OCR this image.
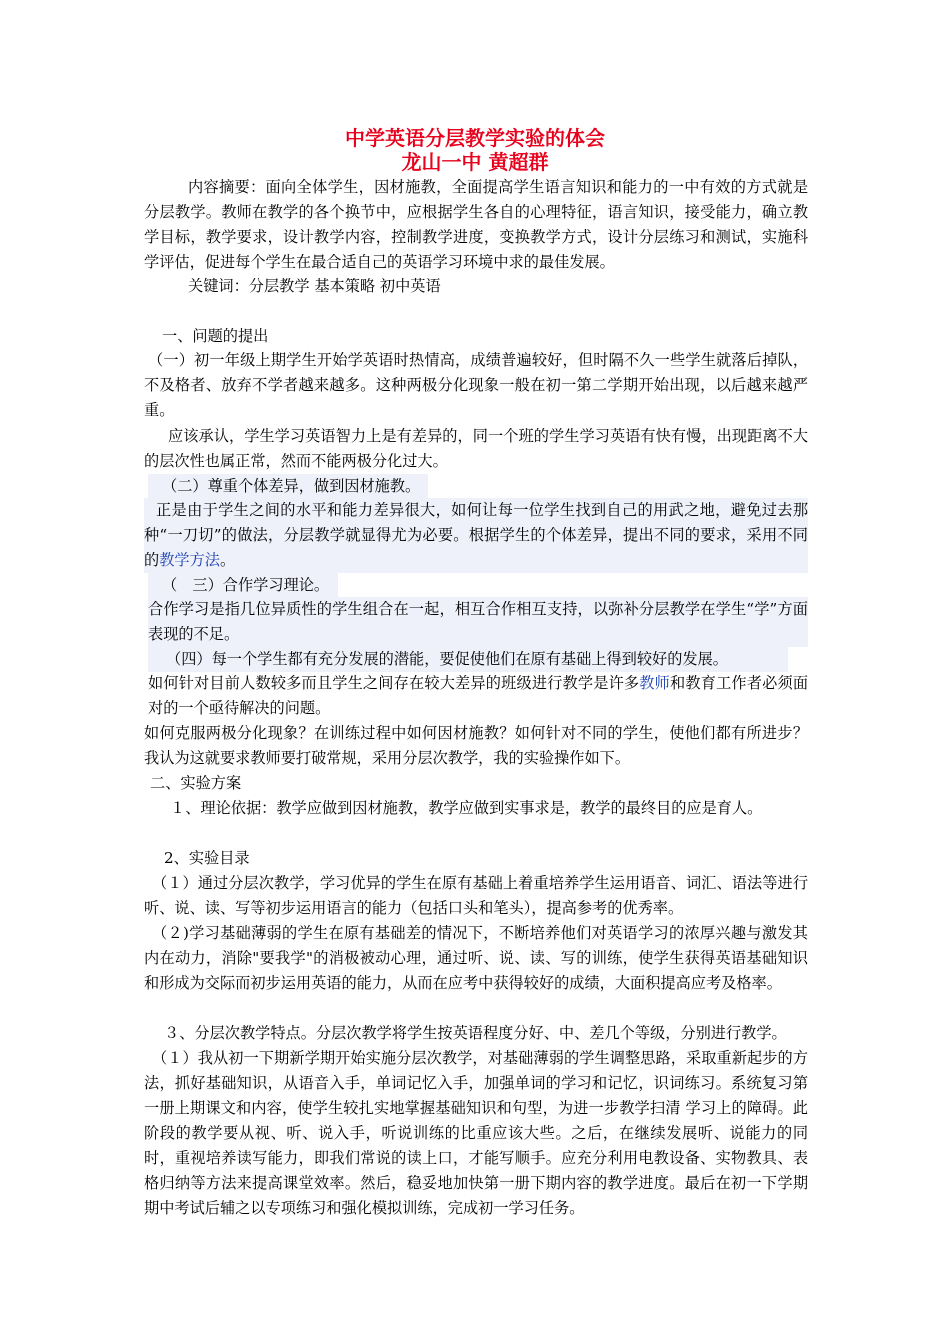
中学英语分层教学实验的体会
龙山一中 黄超群

内容摘要：面向全体学生，因材施教，全面提高学生语言知识和能力的一中有效的方式就是分层教学。教师在教学的各个换节中，应根据学生各自的心理特征，语言知识，接受能力，确立教学目标，教学要求，设计教学内容，控制教学进度，变换教学方式，设计分层练习和测试，实施科学评估，促进每个学生在最合适自己的英语学习环境中求的最佳发展。

关键词：分层教学 基本策略 初中英语

一、问题的提出

（一）初一年级上期学生开始学英语时热情高，成绩普遍较好，但时隔不久一些学生就落后掉队，不及格者、放弃不学者越来越多。这种两极分化现象一般在初一第二学期开始出现，以后越来越严重。

应该承认，学生学习英语智力上是有差异的，同一个班的学生学习英语有快有慢，出现距离不大的层次性也属正常，然而不能两极分化过大。

（二）尊重个体差异，做到因材施教。

正是由于学生之间的水平和能力差异很大，如何让每一位学生找到自己的用武之地，避免过去那种“一刀切”的做法，分层教学就显得尤为必要。根据学生的个体差异，提出不同的要求，采用不同的教学方法。

（　三）合作学习理论。

合作学习是指几位异质性的学生组合在一起，相互合作相互支持，以弥补分层教学在学生“学”方面表现的不足。

（四）每一个学生都有充分发展的潜能，要促使他们在原有基础上得到较好的发展。

如何针对目前人数较多而且学生之间存在较大差异的班级进行教学是许多教师和教育工作者必须面对的一个亟待解决的问题。

如何克服两极分化现象？在训练过程中如何因材施教？如何针对不同的学生，使他们都有所进步？我认为这就要求教师要打破常规，采用分层次教学，我的实验操作如下。

二、实验方案

１、理论依据：教学应做到因材施教，教学应做到实事求是，教学的最终目的应是育人。

2、实验目录

（１）通过分层次教学，学习优异的学生在原有基础上着重培养学生运用语音、词汇、语法等进行听、说、读、写等初步运用语言的能力（包括口头和笔头），提高参考的优秀率。

（２)学习基础薄弱的学生在原有基础差的情况下，不断培养他们对英语学习的浓厚兴趣与激发其内在动力，消除"要我学"的消极被动心理，通过听、说、读、写的训练，使学生获得英语基础知识和形成为交际而初步运用英语的能力，从而在应考中获得较好的成绩，大面积提高应考及格率。

３、分层次教学特点。分层次教学将学生按英语程度分好、中、差几个等级，分别进行教学。

（１）我从初一下期新学期开始实施分层次教学，对基础薄弱的学生调整思路，采取重新起步的方法，抓好基础知识，从语音入手，单词记忆入手，加强单词的学习和记忆，识词练习。系统复习第一册上期课文和内容，使学生较扎实地掌握基础知识和句型，为进一步教学扫清 学习上的障碍。此阶段的教学要从视、听、说入手，听说训练的比重应该大些。之后，在继续发展听、说能力的同时，重视培养读写能力，即我们常说的读上口，才能写顺手。应充分利用电教设备、实物教具、表格归纳等方法来提高课堂效率。然后，稳妥地加快第一册下期内容的教学进度。最后在初一下学期期中考试后辅之以专项练习和强化模拟训练，完成初一学习任务。
